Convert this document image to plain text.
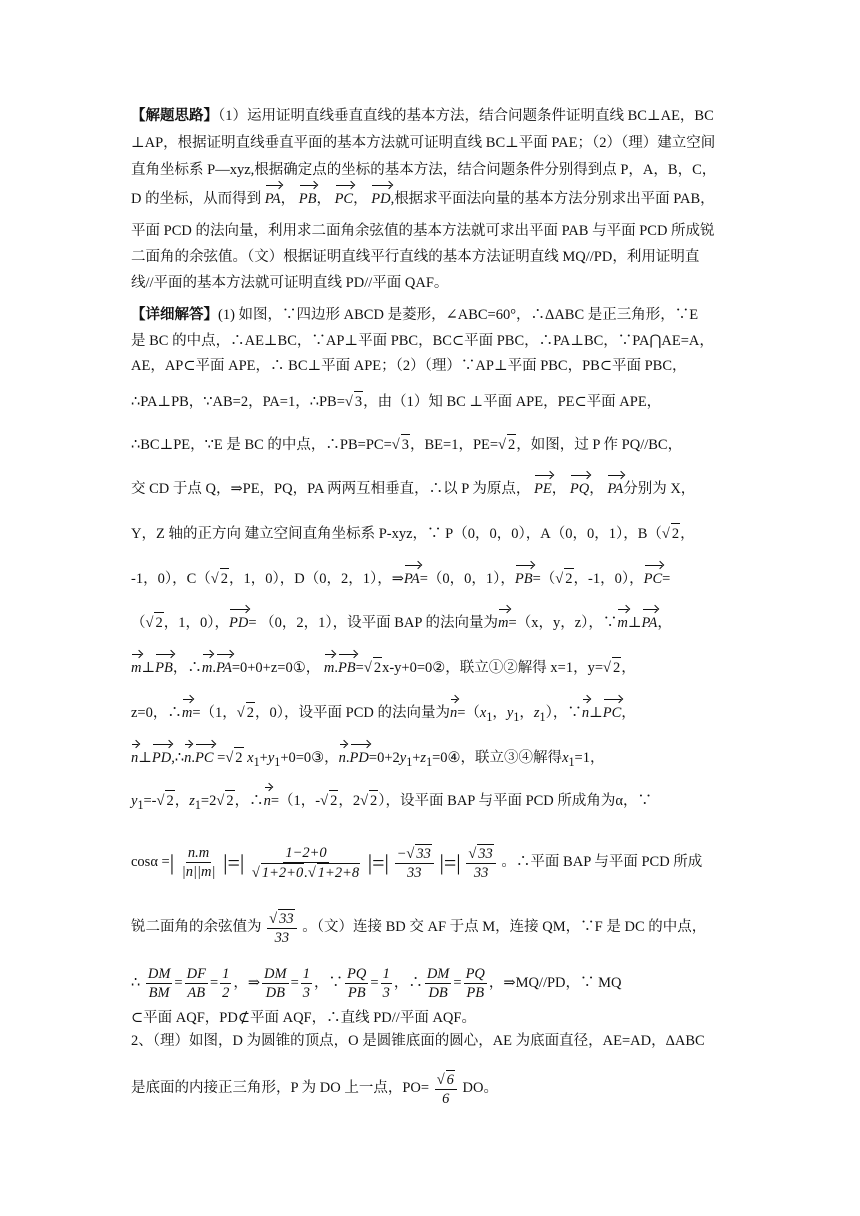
【解题思路】（1）运用证明直线垂直直线的基本方法，结合问题条件证明直线 BC⊥AE，BC
⊥AP，根据证明直线垂直平面的基本方法就可证明直线 BC⊥平面 PAE；（2）（理）建立空间
直角坐标系 P—xyz,根据确定点的坐标的基本方法，结合问题条件分别得到点 P，A，B，C，
D 的坐标，从而得到 PA， PB， PC， PD,根据求平面法向量的基本方法分别求出平面 PAB，
平面 PCD 的法向量，利用求二面角余弦值的基本方法就可求出平面 PAB 与平面 PCD 所成锐
二面角的余弦值。（文）根据证明直线平行直线的基本方法证明直线 MQ//PD，利用证明直
线//平面的基本方法就可证明直线 PD//平面 QAF。
【详细解答】(1) 如图，∵四边形 ABCD 是菱形，∠ABC=60°，∴ΔABC 是正三角形，∵E
是 BC 的中点，∴AE⊥BC，∵AP⊥平面 PBC，BC⊂平面 PBC，∴PA⊥BC，∵PA⋂AE=A，
AE，AP⊂平面 APE，∴ BC⊥平面 APE；（2）（理）∵AP⊥平面 PBC，PB⊂平面 PBC，
∴PA⊥PB，∵AB=2，PA=1，∴PB=√ 3，由（1）知 BC ⊥平面 APE，PE⊂平面 APE，
∴BC⊥PE，∵E 是 BC 的中点，∴PB=PC=√ 3，BE=1，PE=√ 2，如图，过 P 作 PQ//BC，
交 CD 于点 Q，⇒PE，PQ，PA 两两互相垂直，∴以 P 为原点， PE， PQ， PA分别为 X，
Y，Z 轴的正方向 建立空间直角坐标系 P-xyz，∵ P（0，0，0），A（0，0，1），B（√ 2，
-1，0），C（√ 2，1，0），D（0，2，1），⇒PA=（0，0，1），PB=（√ 2，-1，0），PC=
（√ 2，1，0），PD= （0，2，1），设平面 BAP 的法向量为m=（x，y，z），∵m⊥PA，
m⊥PB，∴m.PA=0+0+z=0①， m.PB=√ 2x-y+0=0②，联立①②解得 x=1，y=√ 2，
z=0，∴m=（1，√ 2，0），设平面 PCD 的法向量为$n=(x_1$，$y_1$，$z_1$），∵n⊥PC，
n⊥PD,∴n.PC =√ 2 $x_1+y_1+0=0③$，$n.PD=0+2y_1+z_1=0④$，联立③④解得$x_1=1$，
$y_1=-√$ 2，$z_1=2√$ 2，∴n=（1，-√ 2，2√ 2），设平面 BAP 与平面 PCD 所成角为α，∵
cosα =| $\frac{n.m}{|n||m|}$ |=| $\frac{1-2+0}{√ 1+2+0.√ 1+2+8}$ |=| $\frac{-√ 33}{33}$ |=| $\frac{√ 33}{33}$ 。∴平面 BAP 与平面 PCD 所成
锐二面角的余弦值为 $\frac{√ 33}{33}$ 。（文）连接 BD 交 AF 于点 M，连接 QM，∵F 是 DC 的中点，
∴ $\frac{DM}{BM} = \frac{DF}{AB} = \frac{1}{2}$ ，⇒ $\frac{DM}{DB} = \frac{1}{3}$ ，∵ $\frac{PQ}{PB} = \frac{1}{3}$ ，∴ $\frac{DM}{DB} = \frac{PQ}{PB}$ ，⇒MQ//PD，∵ MQ
⊂平面 AQF，PD⊄平面 AQF，∴直线 PD//平面 AQF。
2、（理）如图，D 为圆锥的顶点，O 是圆锥底面的圆心，AE 为底面直径，AE=AD，ΔABC
是底面的内接正三角形，P 为 DO 上一点，$PO= \frac{√ 6}{6}$ DO。
